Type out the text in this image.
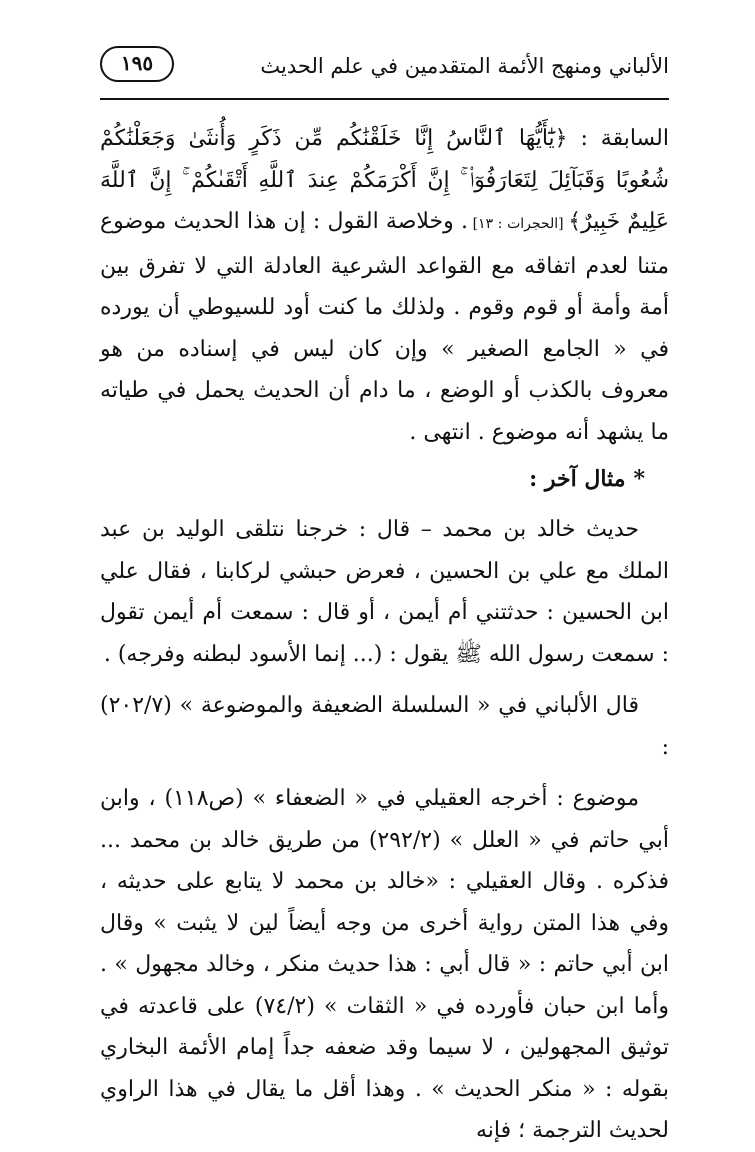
الألباني ومنهج الأئمة المتقدمين في علم الحديث
١٩٥

السابقة : ﴿يَٰٓأَيُّهَا ٱلنَّاسُ إِنَّا خَلَقْنَٰكُم مِّن ذَكَرٍ وَأُنثَىٰ وَجَعَلْنَٰكُمْ شُعُوبًا وَقَبَآئِلَ لِتَعَارَفُوٓا۟ ۚ إِنَّ أَكْرَمَكُمْ عِندَ ٱللَّهِ أَتْقَىٰكُمْ ۚ إِنَّ ٱللَّهَ عَلِيمٌ خَبِيرٌ﴾ [الحجرات : ١٣] . وخلاصة القول : إن هذا الحديث موضوع متنا لعدم اتفاقه مع القواعد الشرعية العادلة التي لا تفرق بين أمة وأمة أو قوم وقوم . ولذلك ما كنت أود للسيوطي أن يورده في « الجامع الصغير » وإن كان ليس في إسناده من هو معروف بالكذب أو الوضع ، ما دام أن الحديث يحمل في طياته ما يشهد أنه موضوع . انتهى .

*مثال آخر :

حديث خالد بن محمد – قال : خرجنا نتلقى الوليد بن عبد الملك مع علي بن الحسين ، فعرض حبشي لركابنا ، فقال علي ابن الحسين : حدثتني أم أيمن ، أو قال : سمعت أم أيمن تقول : سمعت رسول الله ﷺ يقول : (... إنما الأسود لبطنه وفرجه) .

قال الألباني في « السلسلة الضعيفة والموضوعة » (٢٠٢/٧) :

موضوع : أخرجه العقيلي في « الضعفاء » (ص١١٨) ، وابن أبي حاتم في « العلل » (٢٩٢/٢) من طريق خالد بن محمد ... فذكره . وقال العقيلي : «خالد بن محمد لا يتابع على حديثه ، وفي هذا المتن رواية أخرى من وجه أيضاً لين لا يثبت » وقال ابن أبي حاتم : « قال أبي : هذا حديث منكر ، وخالد مجهول » . وأما ابن حبان فأورده في « الثقات » (٧٤/٢) على قاعدته في توثيق المجهولين ، لا سيما وقد ضعفه جداً إمام الأئمة البخاري بقوله : « منكر الحديث » . وهذا أقل ما يقال في هذا الراوي لحديث الترجمة ؛ فإنه
